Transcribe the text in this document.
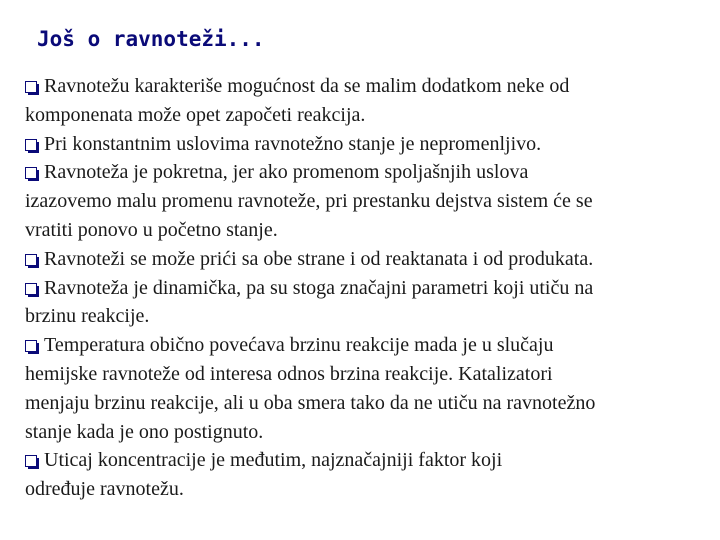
Još o ravnoteži...

Ravnotežu karakteriše mogućnost da se malim dodatkom neke od

komponenata može opet započeti reakcija.

Pri konstantnim uslovima ravnotežno stanje je nepromenljivo.

Ravnoteža je pokretna, jer ako promenom spoljašnjih uslova

izazovemo malu promenu ravnoteže, pri prestanku dejstva sistem će se

vratiti ponovo u početno stanje.

Ravnoteži se može prići sa obe strane i od reaktanata i od produkata.

Ravnoteža je dinamička, pa su stoga značajni parametri koji utiču na

brzinu reakcije.

Temperatura obično povećava brzinu reakcije mada je u slučaju

hemijske ravnoteže od interesa odnos brzina reakcije. Katalizatori

menjaju brzinu reakcije, ali u oba smera tako da ne utiču na ravnotežno

stanje kada je ono postignuto.

Uticaj koncentracije je međutim, najznačajniji faktor koji

određuje ravnotežu.
